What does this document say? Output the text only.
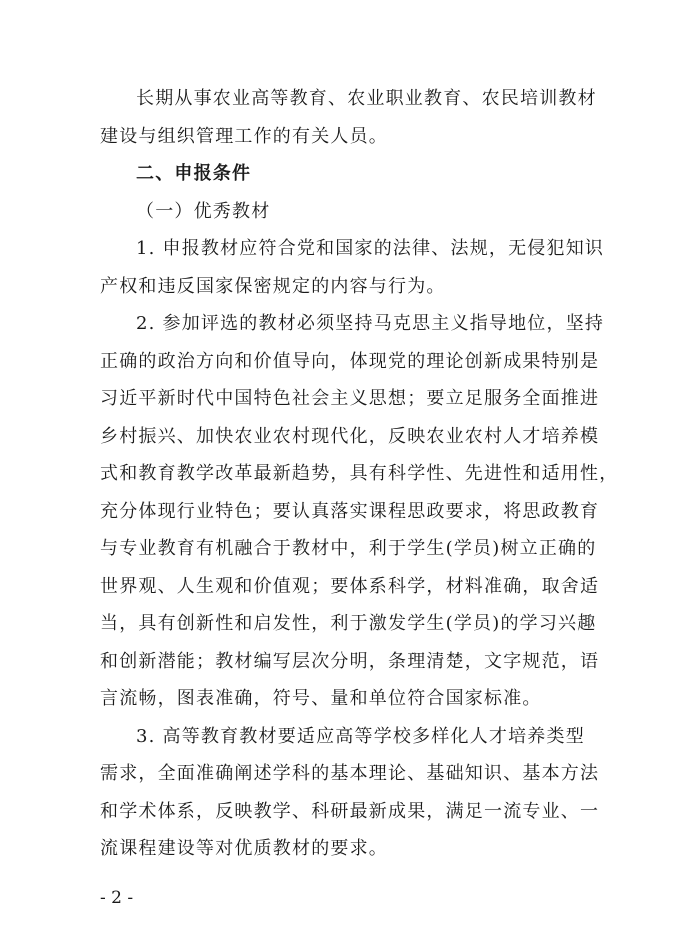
长期从事农业高等教育、农业职业教育、农民培训教材
建设与组织管理工作的有关人员。

二、申报条件

（一）优秀教材

1. 申报教材应符合党和国家的法律、法规，无侵犯知识
产权和违反国家保密规定的内容与行为。

2. 参加评选的教材必须坚持马克思主义指导地位，坚持
正确的政治方向和价值导向，体现党的理论创新成果特别是
习近平新时代中国特色社会主义思想；要立足服务全面推进
乡村振兴、加快农业农村现代化，反映农业农村人才培养模
式和教育教学改革最新趋势，具有科学性、先进性和适用性，
充分体现行业特色；要认真落实课程思政要求，将思政教育
与专业教育有机融合于教材中，利于学生(学员)树立正确的
世界观、人生观和价值观；要体系科学，材料准确，取舍适
当，具有创新性和启发性，利于激发学生(学员)的学习兴趣
和创新潜能；教材编写层次分明，条理清楚，文字规范，语
言流畅，图表准确，符号、量和单位符合国家标准。

3. 高等教育教材要适应高等学校多样化人才培养类型
需求，全面准确阐述学科的基本理论、基础知识、基本方法
和学术体系，反映教学、科研最新成果，满足一流专业、一
流课程建设等对优质教材的要求。

- 2 -
